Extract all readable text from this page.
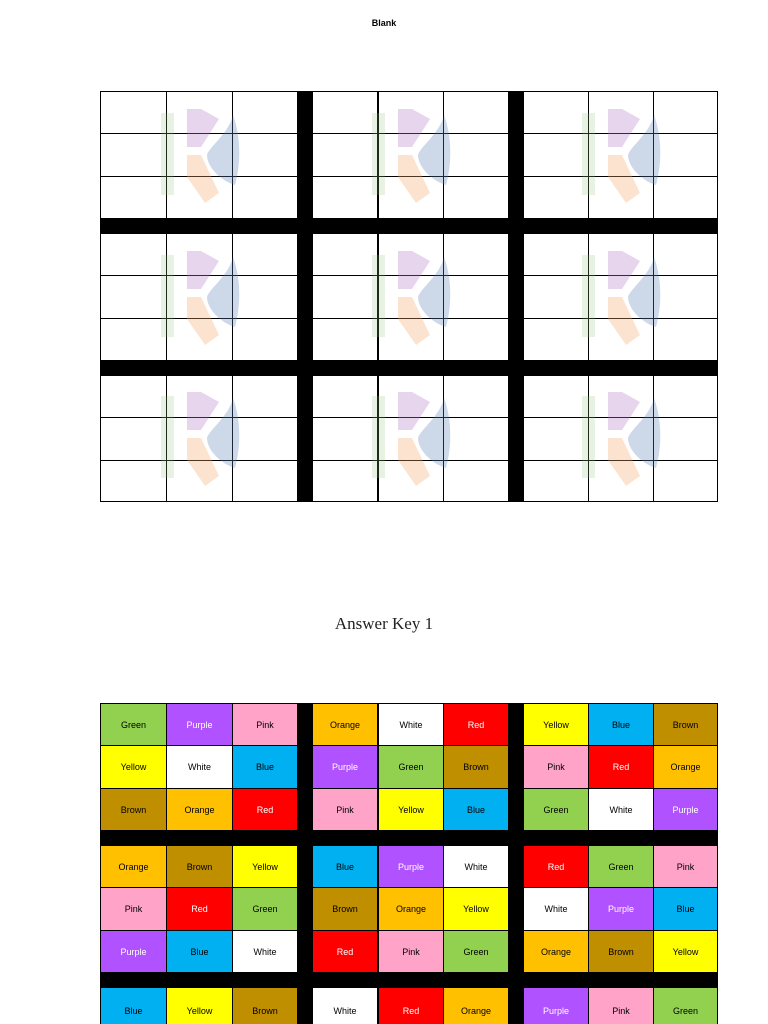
Blank
Answer Key 1
Green	Purple	Pink	Orange	White	Red	Yellow	Blue	Brown
Yellow	White	Blue	Purple	Green	Brown	Pink	Red	Orange
Brown	Orange	Red	Pink	Yellow	Blue	Green	White	Purple
Orange	Brown	Yellow	Blue	Purple	White	Red	Green	Pink
Pink	Red	Green	Brown	Orange	Yellow	White	Purple	Blue
Purple	Blue	White	Red	Pink	Green	Orange	Brown	Yellow
Blue	Yellow	Brown	White	Red	Orange	Purple	Pink	Green
